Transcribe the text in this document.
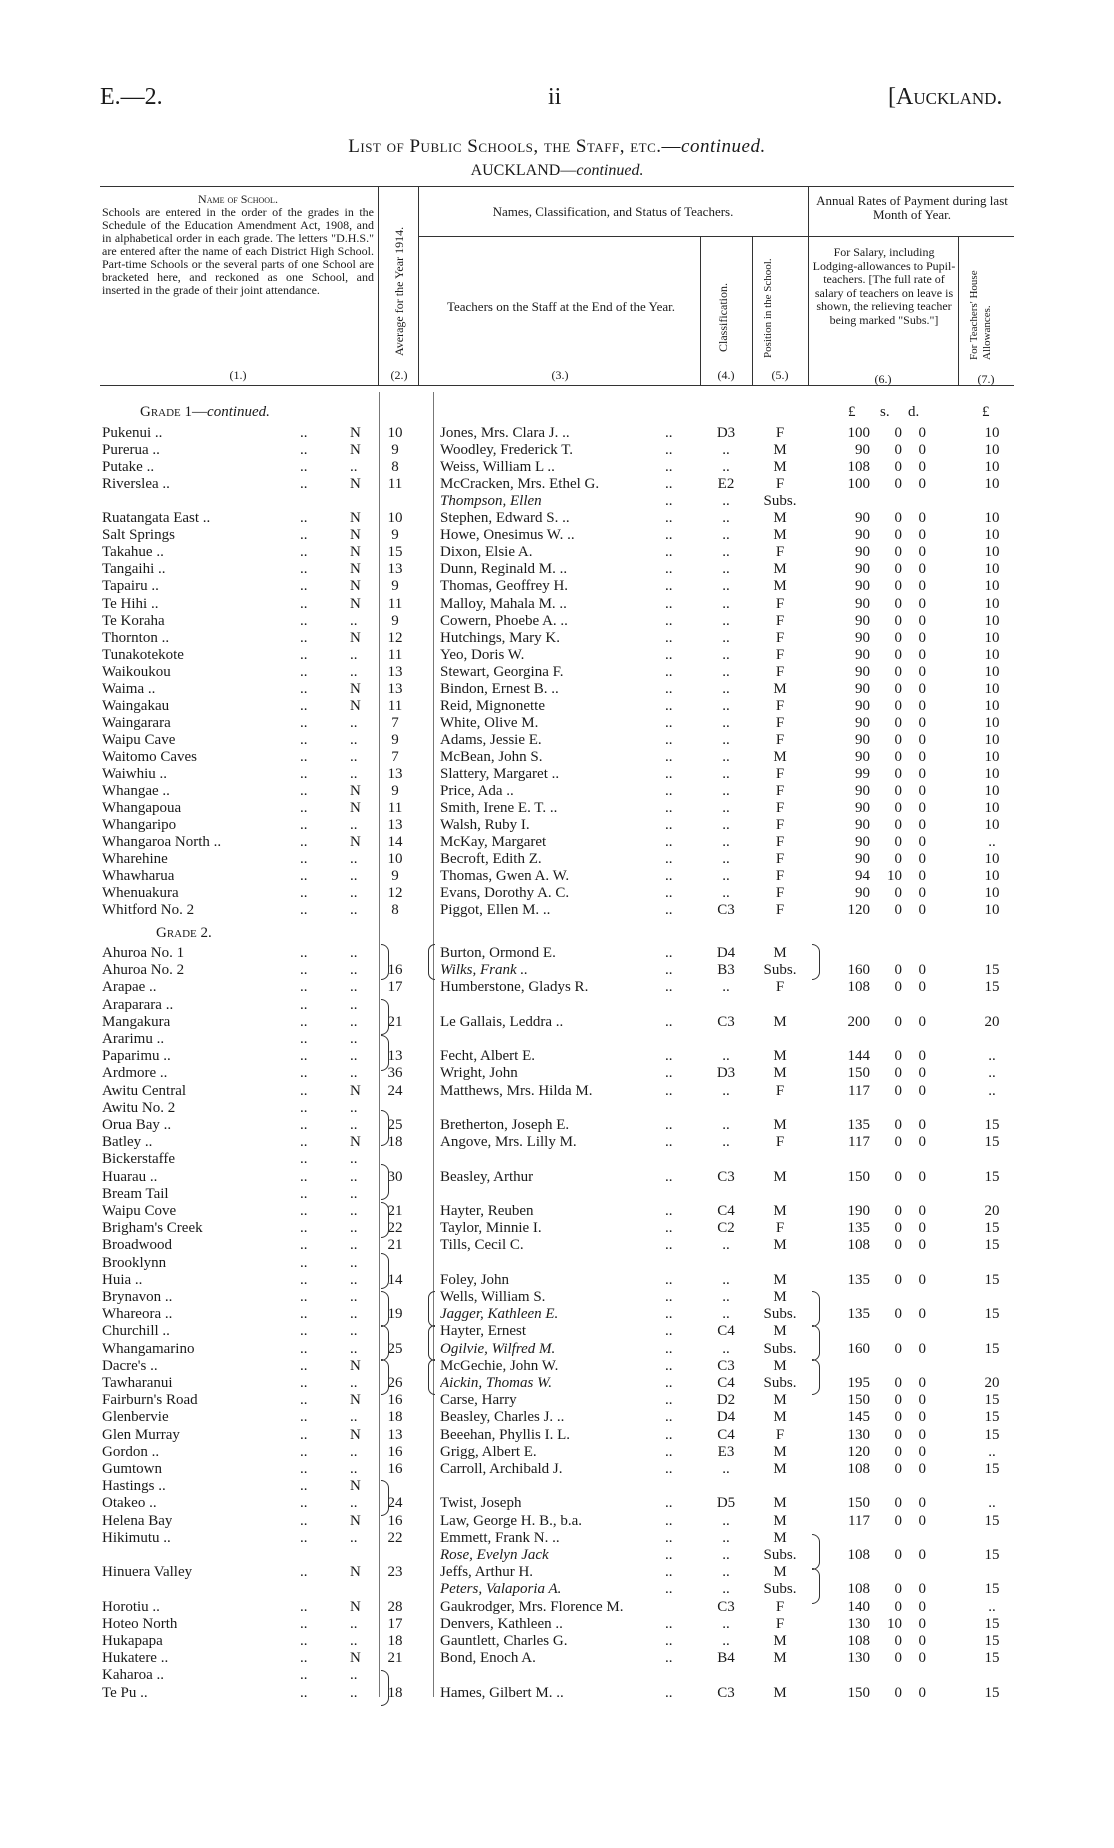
E.—2.	ii	[Auckland.
List of Public Schools, the Staff, etc.—continued.
AUCKLAND—continued.
Name of School.
Schools are entered in the order of the grades in the Schedule of the Education Amendment Act, 1908, and in alphabetical order in each grade. The letters "D.H.S." are entered after the name of each District High School. Part-time Schools or the several parts of one School are bracketed here, and reckoned as one School, and inserted in the grade of their joint attendance.
(1.)
Average for the Year 1914.
(2.)
Names, Classification, and Status of Teachers.
Teachers on the Staff at the End of the Year.
(3.)
Classification.
(4.)
Position in the School.
(5.)
Annual Rates of Payment during last Month of Year.
For Salary, including Lodging-allowances to Pupil-teachers. [The full rate of salary of teachers on leave is shown, the relieving teacher being marked "Subs."]
(6.)
For Teachers' House Allowances.
(7.)
Grade 1—continued.	£ s. d.	£
Pukenui ..	..	N	10	Jones, Mrs. Clara J. ..	..	D3	F	100	0	0	10
Purerua ..	..	N	9	Woodley, Frederick T.	..	..	M	90	0	0	10
Putake ..	..	..	8	Weiss, William L ..	..	..	M	108	0	0	10
Riverslea ..	..	N	11	McCracken, Mrs. Ethel G.	..	E2	F	100	0	0	10
Thompson, Ellen	..	..	Subs.
Ruatangata East ..	..	N	10	Stephen, Edward S. ..	..	..	M	90	0	0	10
Salt Springs	..	N	9	Howe, Onesimus W. ..	..	..	M	90	0	0	10
Takahue ..	..	N	15	Dixon, Elsie A.	..	..	F	90	0	0	10
Tangaihi ..	..	N	13	Dunn, Reginald M. ..	..	..	M	90	0	0	10
Tapairu ..	..	N	9	Thomas, Geoffrey H.	..	..	M	90	0	0	10
Te Hihi ..	..	N	11	Malloy, Mahala M. ..	..	..	F	90	0	0	10
Te Koraha	..	..	9	Cowern, Phoebe A. ..	..	..	F	90	0	0	10
Thornton ..	..	N	12	Hutchings, Mary K.	..	..	F	90	0	0	10
Tunakotekote	..	..	11	Yeo, Doris W.	..	..	F	90	0	0	10
Waikoukou	..	..	13	Stewart, Georgina F.	..	..	F	90	0	0	10
Waima ..	..	N	13	Bindon, Ernest B. ..	..	..	M	90	0	0	10
Waingakau	..	N	11	Reid, Mignonette	..	..	F	90	0	0	10
Waingarara	..	..	7	White, Olive M.	..	..	F	90	0	0	10
Waipu Cave	..	..	9	Adams, Jessie E.	..	..	F	90	0	0	10
Waitomo Caves	..	..	7	McBean, John S.	..	..	M	90	0	0	10
Waiwhiu ..	..	..	13	Slattery, Margaret ..	..	..	F	99	0	0	10
Whangae ..	..	N	9	Price, Ada ..	..	..	F	90	0	0	10
Whangapoua	..	N	11	Smith, Irene E. T. ..	..	..	F	90	0	0	10
Whangaripo	..	..	13	Walsh, Ruby I.	..	..	F	90	0	0	10
Whangaroa North ..	..	N	14	McKay, Margaret	..	..	F	90	0	0	..
Wharehine	..	..	10	Becroft, Edith Z.	..	..	F	90	0	0	10
Whawharua	..	..	9	Thomas, Gwen A. W.	..	..	F	94	10	0	10
Whenuakura	..	..	12	Evans, Dorothy A. C.	..	..	F	90	0	0	10
Whitford No. 2	..	..	8	Piggot, Ellen M. ..	..	C3	F	120	0	0	10
Grade 2.
Ahuroa No. 1	..	..	Burton, Ormond E.	..	D4	M
Ahuroa No. 2	..	..	16	Wilks, Frank ..	..	B3	Subs.	160	0	0	15
Arapae ..	..	..	17	Humberstone, Gladys R.	..	..	F	108	0	0	15
Araparara ..	..	..
Mangakura	..	..	21	Le Gallais, Leddra ..	..	C3	M	200	0	0	20
Ararimu ..	..	..
Paparimu ..	..	..	13	Fecht, Albert E.	..	..	M	144	0	0	..
Ardmore ..	..	..	36	Wright, John	..	D3	M	150	0	0	..
Awitu Central	..	N	24	Matthews, Mrs. Hilda M.	..	..	F	117	0	0	..
Awitu No. 2	..	..
Orua Bay ..	..	..	25	Bretherton, Joseph E.	..	..	M	135	0	0	15
Batley ..	..	N	18	Angove, Mrs. Lilly M.	..	..	F	117	0	0	15
Bickerstaffe	..	..
Huarau ..	..	..	30	Beasley, Arthur	..	C3	M	150	0	0	15
Bream Tail	..	..
Waipu Cove	..	..	21	Hayter, Reuben	..	C4	M	190	0	0	20
Brigham's Creek	..	..	22	Taylor, Minnie I.	..	C2	F	135	0	0	15
Broadwood	..	..	21	Tills, Cecil C.	..	..	M	108	0	0	15
Brooklynn	..	..
Huia ..	..	..	14	Foley, John	..	..	M	135	0	0	15
Brynavon ..	..	..	Wells, William S.	..	..	M
Whareora ..	..	..	19	Jagger, Kathleen E.	..	..	Subs.	135	0	0	15
Churchill ..	..	..	Hayter, Ernest	..	C4	M
Whangamarino	..	..	25	Ogilvie, Wilfred M.	..	..	Subs.	160	0	0	15
Dacre's ..	..	N	McGechie, John W.	..	C3	M
Tawharanui	..	..	26	Aickin, Thomas W.	..	C4	Subs.	195	0	0	20
Fairburn's Road	..	N	16	Carse, Harry	..	D2	M	150	0	0	15
Glenbervie	..	..	18	Beasley, Charles J. ..	..	D4	M	145	0	0	15
Glen Murray	..	N	13	Beeehan, Phyllis I. L.	..	C4	F	130	0	0	15
Gordon ..	..	..	16	Grigg, Albert E.	..	E3	M	120	0	0	..
Gumtown	..	..	16	Carroll, Archibald J.	..	..	M	108	0	0	15
Hastings ..	..	N
Otakeo ..	..	..	24	Twist, Joseph	..	D5	M	150	0	0	..
Helena Bay	..	N	16	Law, George H. B., b.a.	..	..	M	117	0	0	15
Hikimutu ..	..	..	22	Emmett, Frank N. ..	..	..	M
Rose, Evelyn Jack	..	..	Subs.	108	0	0	15
Hinuera Valley	..	N	23	Jeffs, Arthur H.	..	..	M
Peters, Valaporia A.	..	..	Subs.	108	0	0	15
Horotiu ..	..	N	28	Gaukrodger, Mrs. Florence M.	C3	F	140	0	0	..
Hoteo North	..	..	17	Denvers, Kathleen ..	..	..	F	130	10	0	15
Hukapapa	..	..	18	Gauntlett, Charles G.	..	..	M	108	0	0	15
Hukatere ..	..	N	21	Bond, Enoch A.	..	B4	M	130	0	0	15
Kaharoa ..	..	..
Te Pu ..	..	..	18	Hames, Gilbert M. ..	..	C3	M	150	0	0	15
